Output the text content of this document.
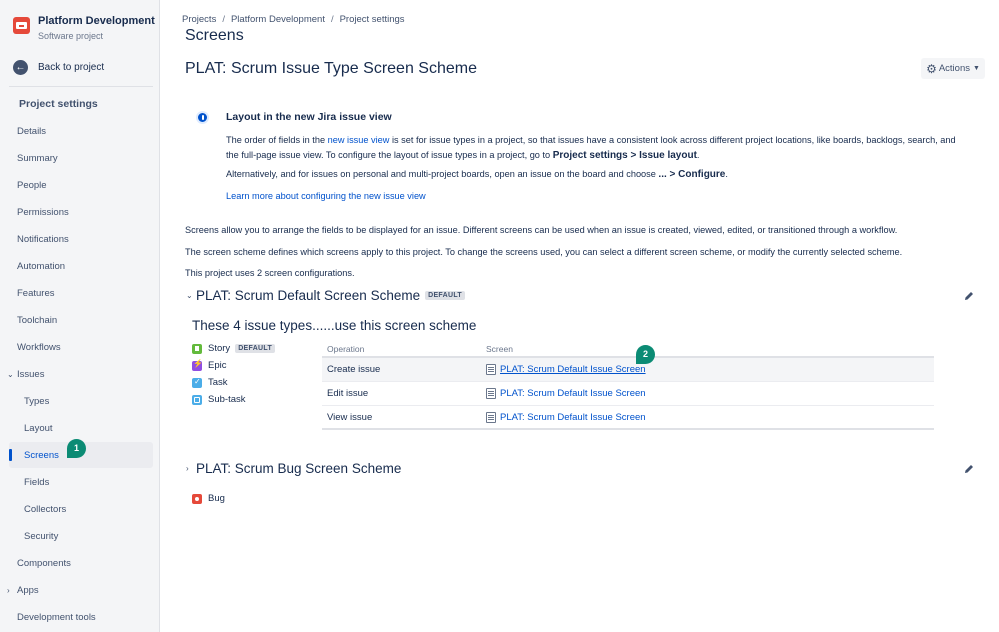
Platform Development
Software project
← Back to project
Project settings
Details
Summary
People
Permissions
Notifications
Automation
Features
Toolchain
Workflows
⌄ Issues
Types
Layout
Screens
Fields
Collectors
Security
Components
› Apps
Development tools
1
Projects / Platform Development / Project settings
Screens
PLAT: Scrum Issue Type Screen Scheme	⚙ Actions ▼
Layout in the new Jira issue view
The order of fields in the new issue view is set for issue types in a project, so that issues have a consistent look across different project locations, like boards, backlogs, search, and the full-page issue view. To configure the layout of issue types in a project, go to Project settings > Issue layout.
Alternatively, and for issues on personal and multi-project boards, open an issue on the board and choose ... > Configure.
Learn more about configuring the new issue view
Screens allow you to arrange the fields to be displayed for an issue. Different screens can be used when an issue is created, viewed, edited, or transitioned through a workflow.
The screen scheme defines which screens apply to this project. To change the screens used, you can select a different screen scheme, or modify the currently selected scheme.
This project uses 2 screen configurations.
⌄ PLAT: Scrum Default Screen Scheme	DEFAULT
These 4 issue types......use this screen scheme
Story	DEFAULT
⚡
Epic
✓
Task
Sub-task
Operation	Screen
Create issue	PLAT: Scrum Default Issue Screen
Edit issue	PLAT: Scrum Default Issue Screen
View issue	PLAT: Scrum Default Issue Screen
2
› PLAT: Scrum Bug Screen Scheme
Bug
